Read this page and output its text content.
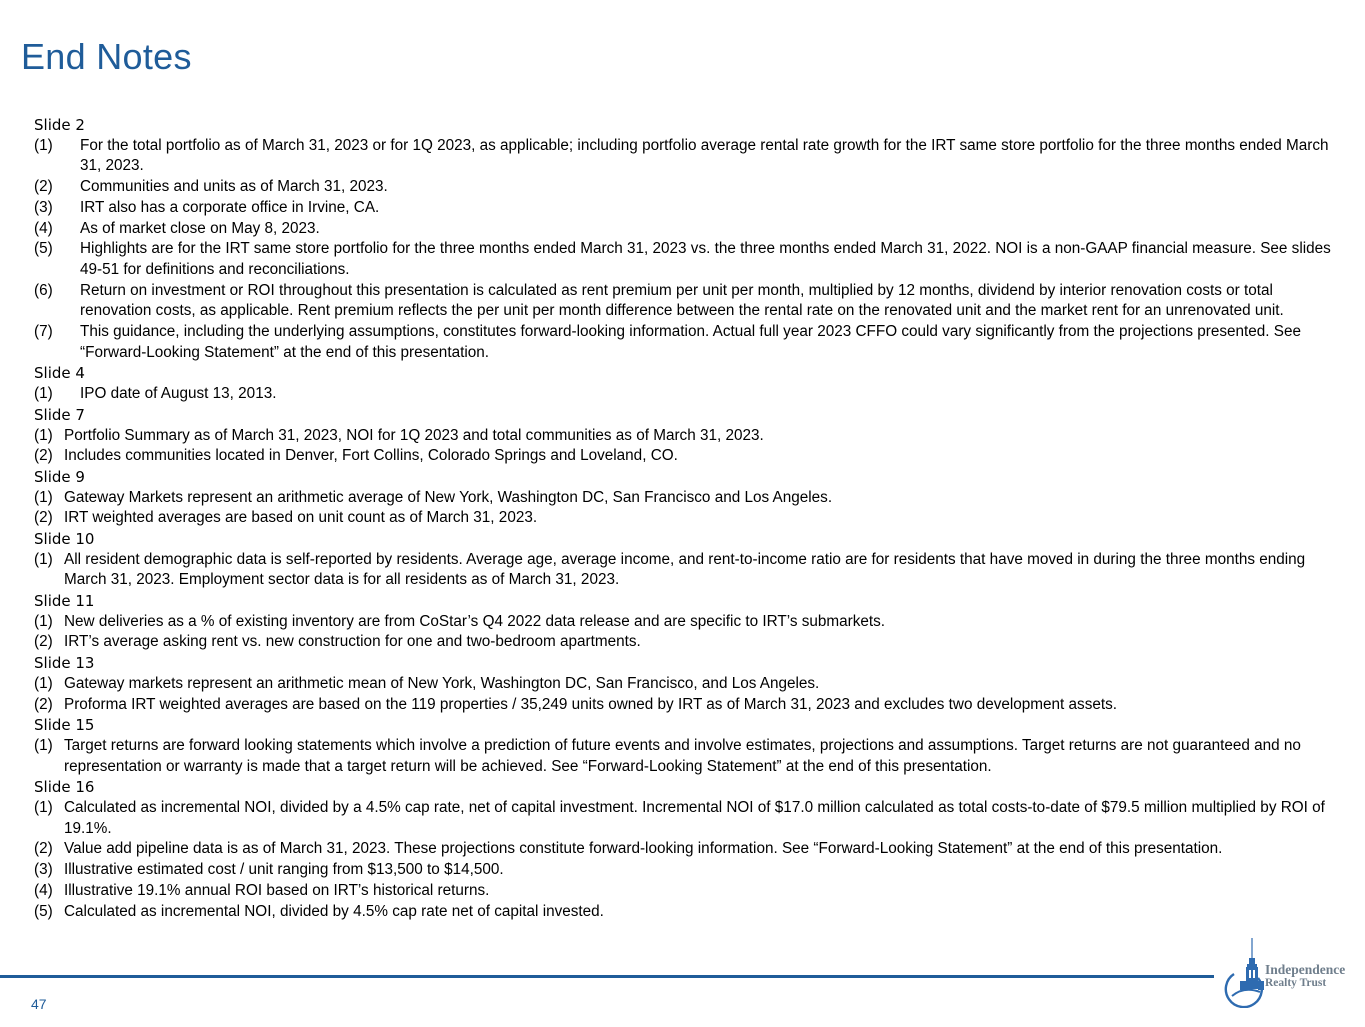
End Notes
Slide 2
(1) For the total portfolio as of March 31, 2023 or for 1Q 2023, as applicable; including portfolio average rental rate growth for the IRT same store portfolio for the three months ended March 31, 2023.
(2) Communities and units as of March 31, 2023.
(3) IRT also has a corporate office in Irvine, CA.
(4) As of market close on May 8, 2023.
(5) Highlights are for the IRT same store portfolio for the three months ended March 31, 2023 vs. the three months ended March 31, 2022. NOI is a non-GAAP financial measure. See slides 49-51 for definitions and reconciliations.
(6) Return on investment or ROI throughout this presentation is calculated as rent premium per unit per month, multiplied by 12 months, dividend by interior renovation costs or total renovation costs, as applicable. Rent premium reflects the per unit per month difference between the rental rate on the renovated unit and the market rent for an unrenovated unit.
(7) This guidance, including the underlying assumptions, constitutes forward-looking information. Actual full year 2023 CFFO could vary significantly from the projections presented. See “Forward-Looking Statement” at the end of this presentation.
Slide 4
(1) IPO date of August 13, 2013.
Slide 7
(1) Portfolio Summary as of March 31, 2023, NOI for 1Q 2023 and total communities as of March 31, 2023.
(2) Includes communities located in Denver, Fort Collins, Colorado Springs and Loveland, CO.
Slide 9
(1) Gateway Markets represent an arithmetic average of New York, Washington DC, San Francisco and Los Angeles.
(2) IRT weighted averages are based on unit count as of March 31, 2023.
Slide 10
(1) All resident demographic data is self-reported by residents. Average age, average income, and rent-to-income ratio are for residents that have moved in during the three months ending March 31, 2023. Employment sector data is for all residents as of March 31, 2023.
Slide 11
(1) New deliveries as a % of existing inventory are from CoStar’s Q4 2022 data release and are specific to IRT’s submarkets.
(2) IRT’s average asking rent vs. new construction for one and two-bedroom apartments.
Slide 13
(1) Gateway markets represent an arithmetic mean of New York, Washington DC, San Francisco, and Los Angeles.
(2) Proforma IRT weighted averages are based on the 119 properties / 35,249 units owned by IRT as of March 31, 2023 and excludes two development assets.
Slide 15
(1) Target returns are forward looking statements which involve a prediction of future events and involve estimates, projections and assumptions. Target returns are not guaranteed and no representation or warranty is made that a target return will be achieved. See “Forward-Looking Statement” at the end of this presentation.
Slide 16
(1) Calculated as incremental NOI, divided by a 4.5% cap rate, net of capital investment. Incremental NOI of $17.0 million calculated as total costs-to-date of $79.5 million multiplied by ROI of 19.1%.
(2) Value add pipeline data is as of March 31, 2023. These projections constitute forward-looking information. See “Forward-Looking Statement” at the end of this presentation.
(3) Illustrative estimated cost / unit ranging from $13,500 to $14,500.
(4) Illustrative 19.1% annual ROI based on IRT’s historical returns.
(5) Calculated as incremental NOI, divided by 4.5% cap rate net of capital invested.
47
Independence
Realty Trust
